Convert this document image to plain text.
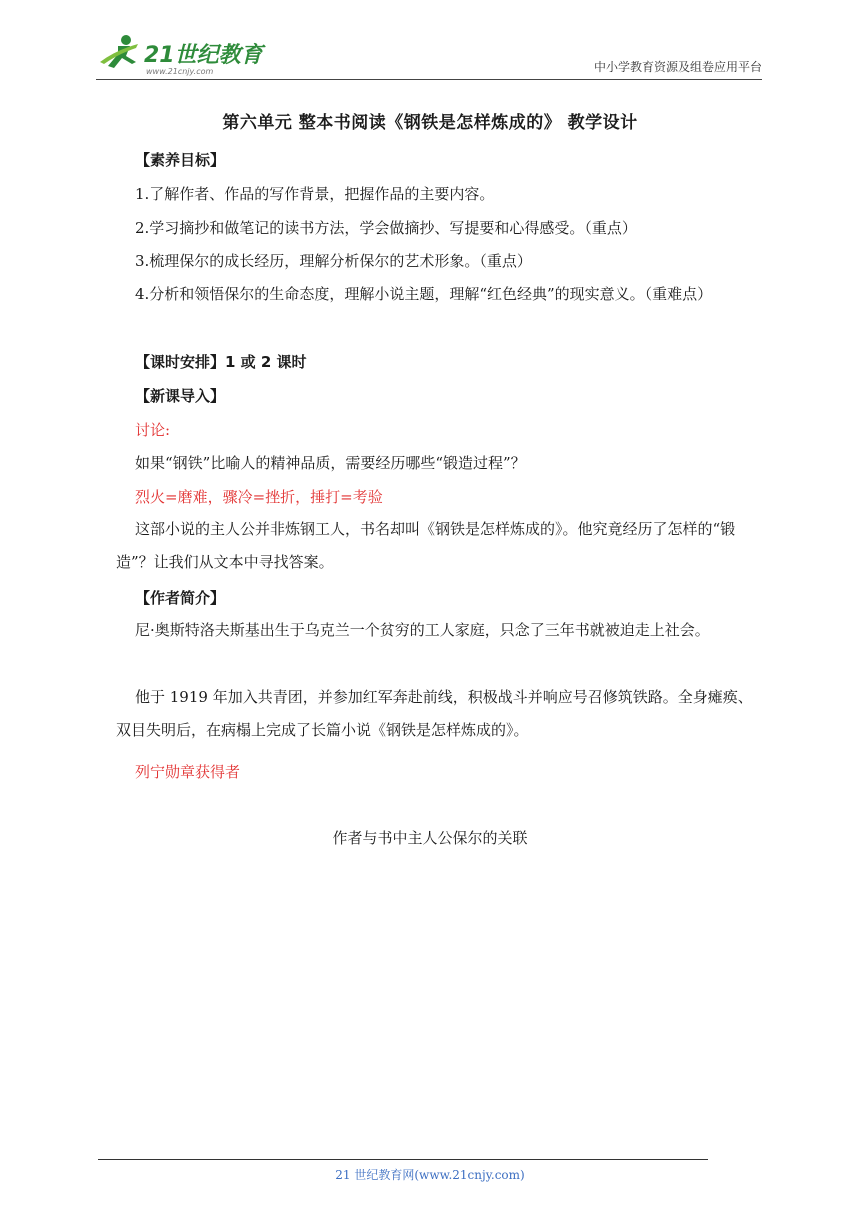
21世纪教育
www.21cnjy.com	中小学教育资源及组卷应用平台
第六单元 整本书阅读《钢铁是怎样炼成的》 教学设计
【素养目标】
1.了解作者、作品的写作背景，把握作品的主要内容。
2.学习摘抄和做笔记的读书方法，学会做摘抄、写提要和心得感受。（重点）
3.梳理保尔的成长经历，理解分析保尔的艺术形象。（重点）
4.分析和领悟保尔的生命态度，理解小说主题，理解“红色经典”的现实意义。（重难点）
【课时安排】1 或 2 课时
【新课导入】
讨论:
如果“钢铁”比喻人的精神品质，需要经历哪些“锻造过程”？
烈火=磨难，骤冷=挫折，捶打=考验
这部小说的主人公并非炼钢工人，书名却叫《钢铁是怎样炼成的》。他究竟经历了怎样的“锻造”？让我们从文本中寻找答案。
【作者简介】
尼·奥斯特洛夫斯基出生于乌克兰一个贫穷的工人家庭，只念了三年书就被迫走上社会。
他于 1919 年加入共青团，并参加红军奔赴前线，积极战斗并响应号召修筑铁路。全身瘫痪、双目失明后，在病榻上完成了长篇小说《钢铁是怎样炼成的》。
列宁勋章获得者
作者与书中主人公保尔的关联
21 世纪教育网(www.21cnjy.com)
